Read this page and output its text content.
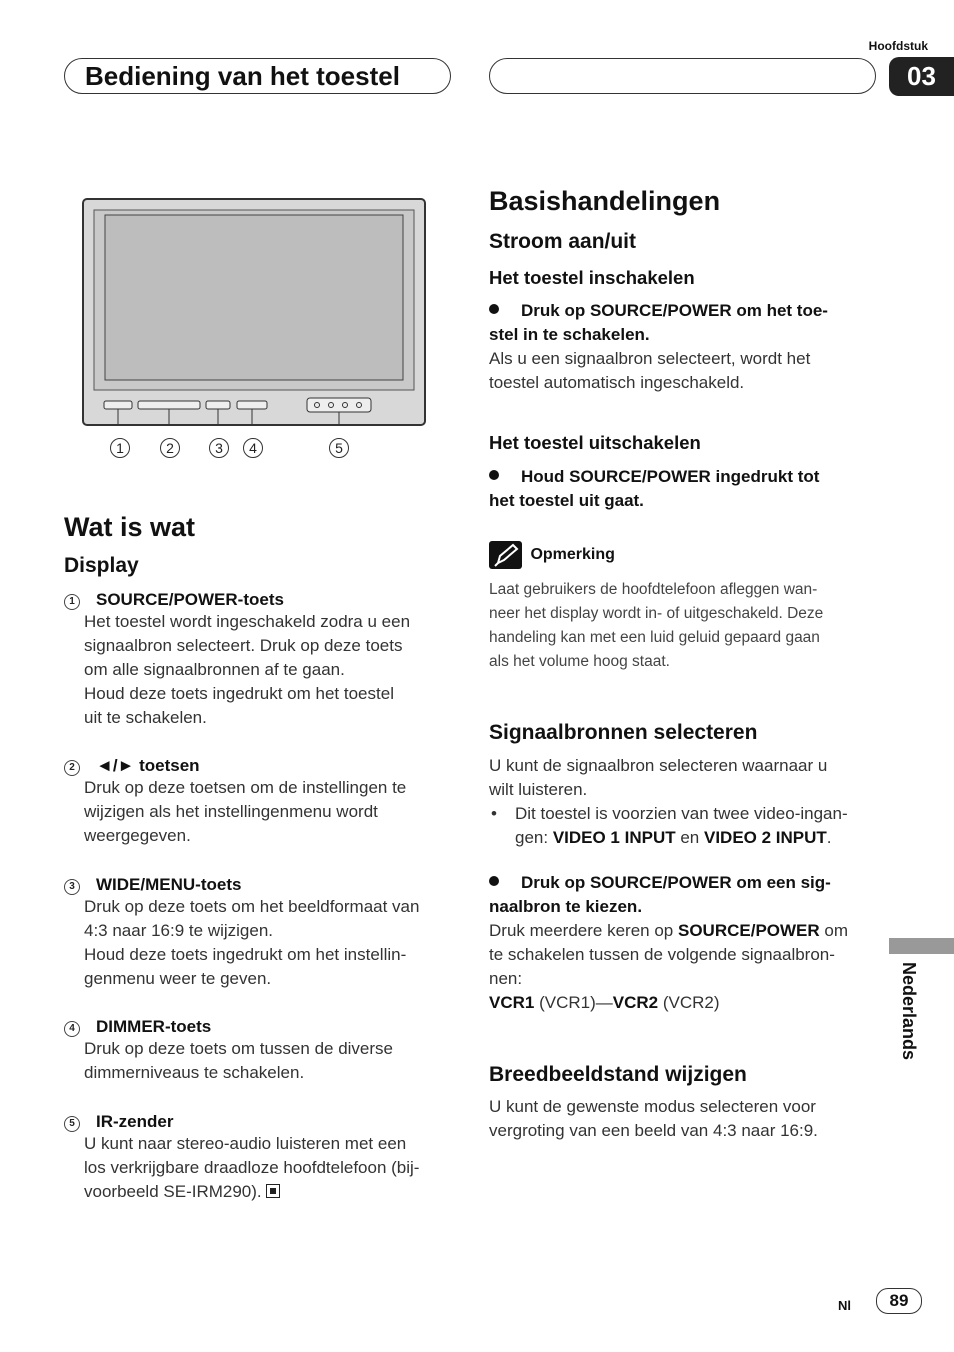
Hoofdstuk
Bediening van het toestel	03
1	2	3	4	5
Wat is wat
Display
1 SOURCE/POWER-toets
Het toestel wordt ingeschakeld zodra u een
signaalbron selecteert. Druk op deze toets
om alle signaalbronnen af te gaan.
Houd deze toets ingedrukt om het toestel
uit te schakelen.
2 ◄/► toetsen
Druk op deze toetsen om de instellingen te
wijzigen als het instellingenmenu wordt
weergegeven.
3 WIDE/MENU-toets
Druk op deze toets om het beeldformaat van
4:3 naar 16:9 te wijzigen.
Houd deze toets ingedrukt om het instellin-
genmenu weer te geven.
4 DIMMER-toets
Druk op deze toets om tussen de diverse
dimmerniveaus te schakelen.
5 IR-zender
U kunt naar stereo-audio luisteren met een
los verkrijgbare draadloze hoofdtelefoon (bij-
voorbeeld SE-IRM290).
Basishandelingen
Stroom aan/uit
Het toestel inschakelen
Druk op SOURCE/POWER om het toe-
stel in te schakelen.
Als u een signaalbron selecteert, wordt het
toestel automatisch ingeschakeld.
Het toestel uitschakelen
Houd SOURCE/POWER ingedrukt tot
het toestel uit gaat.
Opmerking
Laat gebruikers de hoofdtelefoon afleggen wan-
neer het display wordt in- of uitgeschakeld. Deze
handeling kan met een luid geluid gepaard gaan
als het volume hoog staat.
Signaalbronnen selecteren
U kunt de signaalbron selecteren waarnaar u
wilt luisteren.
• Dit toestel is voorzien van twee video-ingan-
gen: VIDEO 1 INPUT en VIDEO 2 INPUT.
Druk op SOURCE/POWER om een sig-
naalbron te kiezen.
Druk meerdere keren op SOURCE/POWER om
te schakelen tussen de volgende signaalbron-
nen:
VCR1 (VCR1)—VCR2 (VCR2)
Breedbeeldstand wijzigen
U kunt de gewenste modus selecteren voor
vergroting van een beeld van 4:3 naar 16:9.
Nederlands
Nl	89
